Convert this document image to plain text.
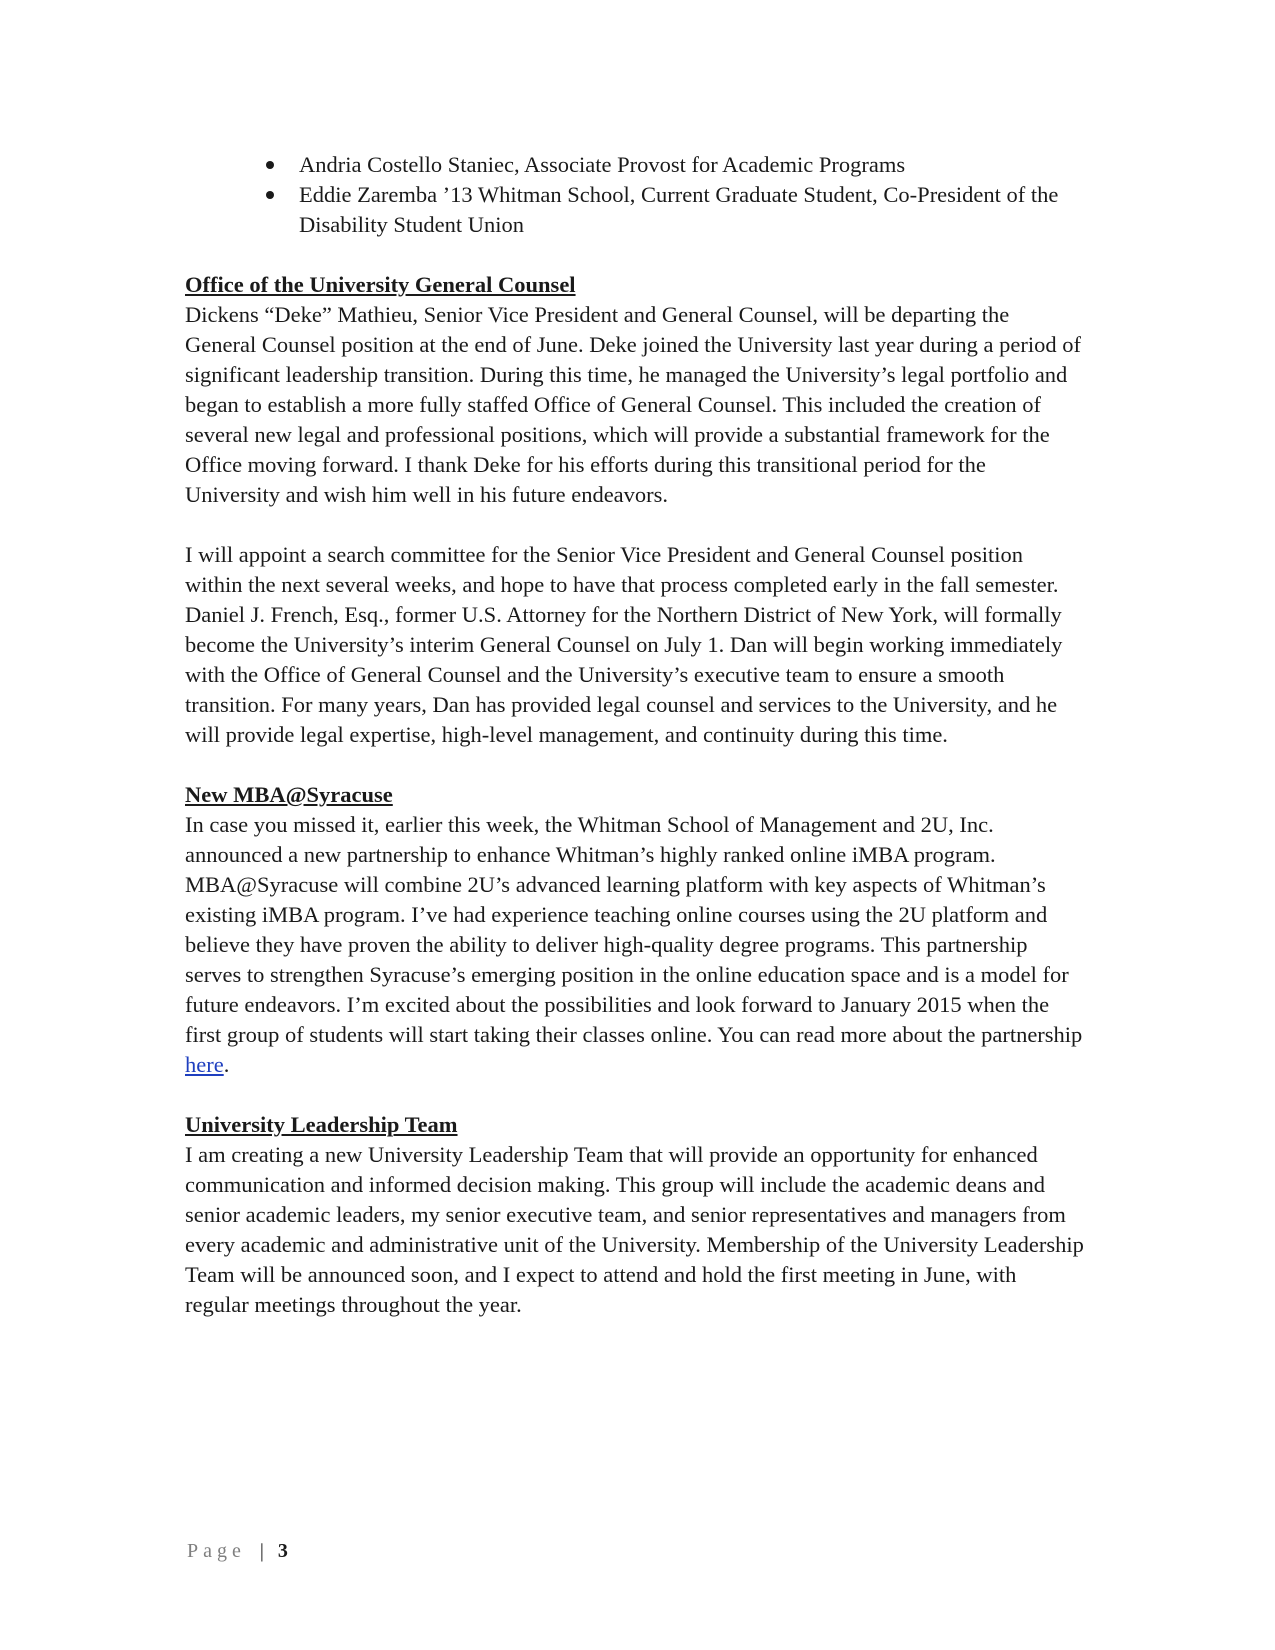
Andria Costello Staniec, Associate Provost for Academic Programs
Eddie Zaremba ’13 Whitman School, Current Graduate Student, Co-President of the Disability Student Union

Office of the University General Counsel

Dickens “Deke” Mathieu, Senior Vice President and General Counsel, will be departing the General Counsel position at the end of June. Deke joined the University last year during a period of significant leadership transition. During this time, he managed the University’s legal portfolio and began to establish a more fully staffed Office of General Counsel. This included the creation of several new legal and professional positions, which will provide a substantial framework for the Office moving forward. I thank Deke for his efforts during this transitional period for the University and wish him well in his future endeavors.

I will appoint a search committee for the Senior Vice President and General Counsel position within the next several weeks, and hope to have that process completed early in the fall semester. Daniel J. French, Esq., former U.S. Attorney for the Northern District of New York, will formally become the University’s interim General Counsel on July 1. Dan will begin working immediately with the Office of General Counsel and the University’s executive team to ensure a smooth transition. For many years, Dan has provided legal counsel and services to the University, and he will provide legal expertise, high-level management, and continuity during this time.

New MBA@Syracuse

In case you missed it, earlier this week, the Whitman School of Management and 2U, Inc. announced a new partnership to enhance Whitman’s highly ranked online iMBA program. MBA@Syracuse will combine 2U’s advanced learning platform with key aspects of Whitman’s existing iMBA program. I’ve had experience teaching online courses using the 2U platform and believe they have proven the ability to deliver high-quality degree programs. This partnership serves to strengthen Syracuse’s emerging position in the online education space and is a model for future endeavors. I’m excited about the possibilities and look forward to January 2015 when the first group of students will start taking their classes online. You can read more about the partnership here.

University Leadership Team

I am creating a new University Leadership Team that will provide an opportunity for enhanced communication and informed decision making. This group will include the academic deans and senior academic leaders, my senior executive team, and senior representatives and managers from every academic and administrative unit of the University. Membership of the University Leadership Team will be announced soon, and I expect to attend and hold the first meeting in June, with regular meetings throughout the year.

Page | 3
